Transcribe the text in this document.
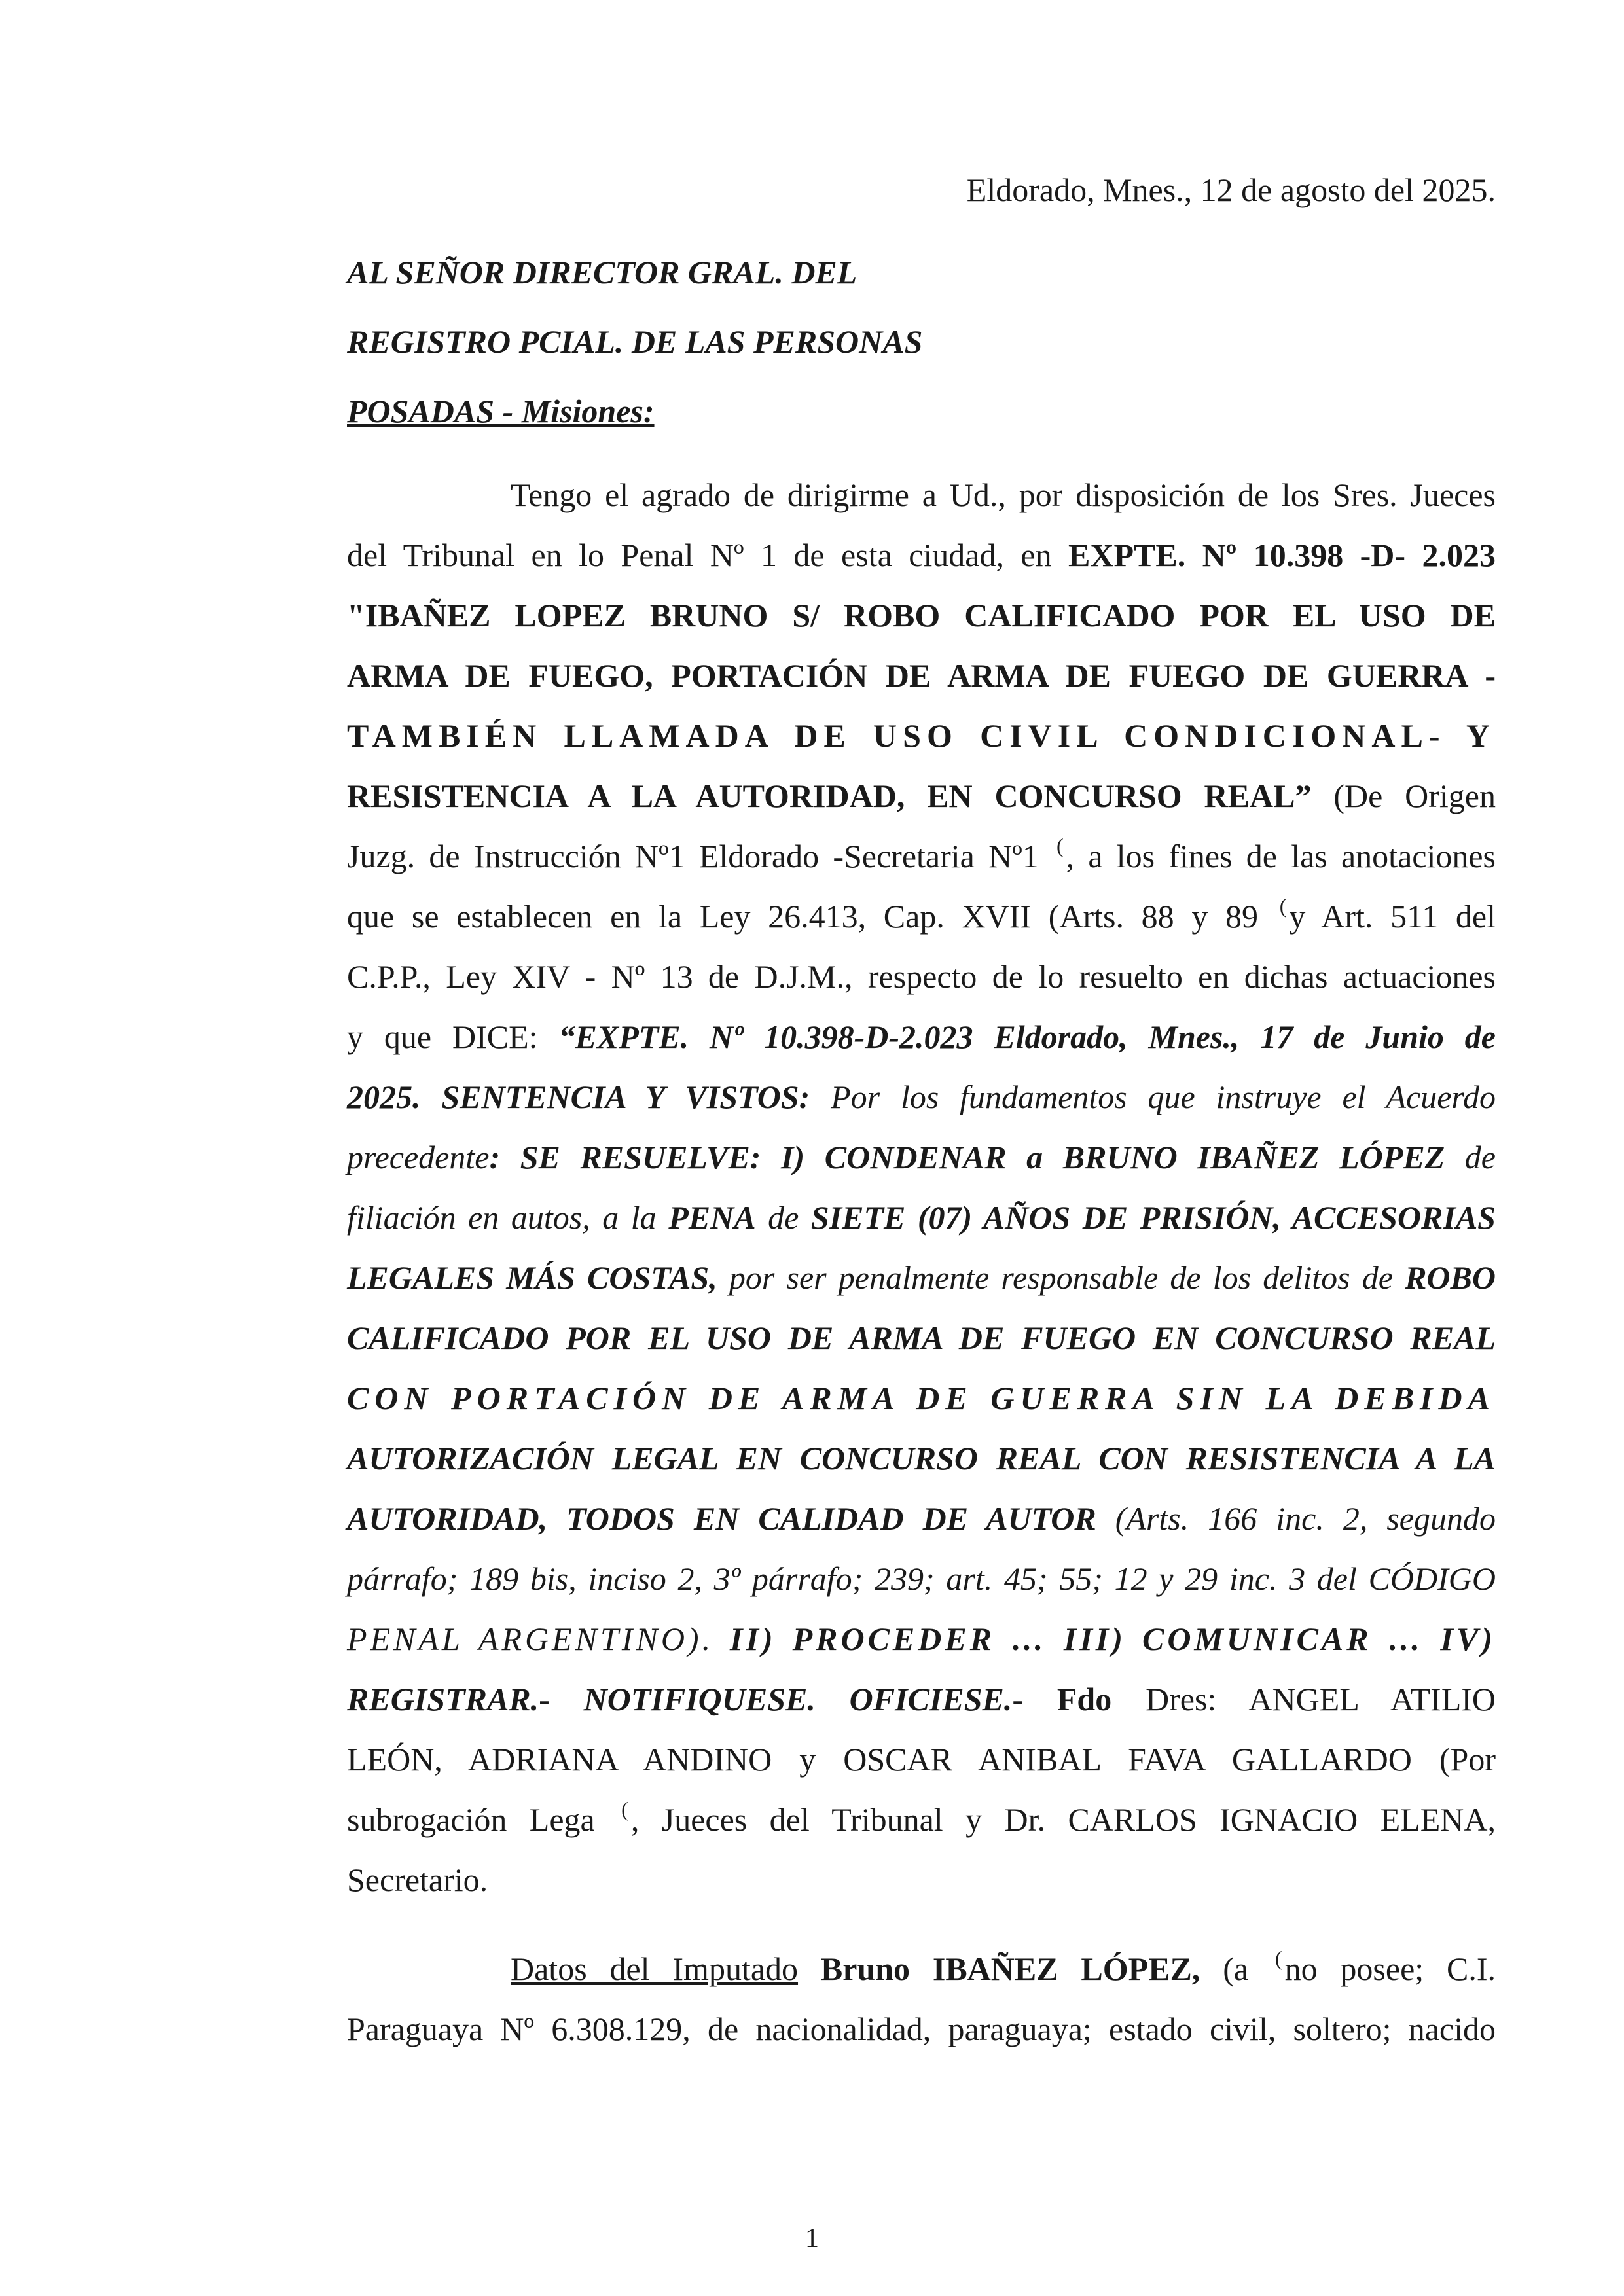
Eldorado, Mnes., 12 de agosto del 2025.
AL SEÑOR DIRECTOR GRAL. DEL
REGISTRO PCIAL. DE LAS PERSONAS
POSADAS - Misiones:
Tengo el agrado de dirigirme a Ud., por disposición de los Sres. Jueces
del Tribunal en lo Penal Nº 1 de esta ciudad, en EXPTE. Nº 10.398 -D- 2.023
"IBAÑEZ LOPEZ BRUNO S/ ROBO CALIFICADO POR EL USO DE
ARMA DE FUEGO, PORTACIÓN DE ARMA DE FUEGO DE GUERRA -
TAMBIÉN LLAMADA DE USO CIVIL CONDICIONAL- Y
RESISTENCIA A LA AUTORIDAD, EN CONCURSO REAL” (De Origen
Juzg. de Instrucción Nº1 Eldorado -Secretaria Nº1 (, a los fines de las anotaciones
que se establecen en la Ley 26.413, Cap. XVII (Arts. 88 y 89 (y Art. 511 del
C.P.P., Ley XIV - Nº 13 de D.J.M., respecto de lo resuelto en dichas actuaciones
y que DICE: “EXPTE. Nº 10.398-D-2.023 Eldorado, Mnes., 17 de Junio de
2025. SENTENCIA Y VISTOS: Por los fundamentos que instruye el Acuerdo
precedente: SE RESUELVE: I) CONDENAR a BRUNO IBAÑEZ LÓPEZ de
filiación en autos, a la PENA de SIETE (07) AÑOS DE PRISIÓN, ACCESORIAS
LEGALES MÁS COSTAS, por ser penalmente responsable de los delitos de ROBO
CALIFICADO POR EL USO DE ARMA DE FUEGO EN CONCURSO REAL
CON PORTACIÓN DE ARMA DE GUERRA SIN LA DEBIDA
AUTORIZACIÓN LEGAL EN CONCURSO REAL CON RESISTENCIA A LA
AUTORIDAD, TODOS EN CALIDAD DE AUTOR (Arts. 166 inc. 2, segundo
párrafo; 189 bis, inciso 2, 3º párrafo; 239; art. 45; 55; 12 y 29 inc. 3 del CÓDIGO
PENAL ARGENTINO). II) PROCEDER … III) COMUNICAR … IV)
REGISTRAR.- NOTIFIQUESE. OFICIESE.- Fdo Dres: ANGEL ATILIO
LEÓN, ADRIANA ANDINO y OSCAR ANIBAL FAVA GALLARDO (Por
subrogación Lega (, Jueces del Tribunal y Dr. CARLOS IGNACIO ELENA,
Secretario.
Datos del Imputado Bruno IBAÑEZ LÓPEZ, (a (no posee; C.I.
Paraguaya Nº 6.308.129, de nacionalidad, paraguaya; estado civil, soltero; nacido
1
